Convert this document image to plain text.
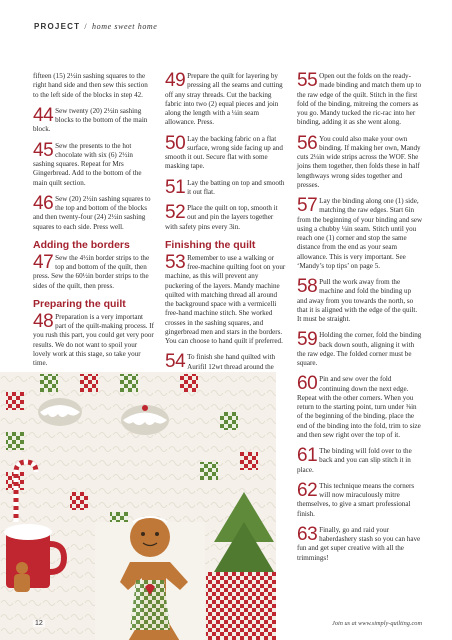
PROJECT / home sweet home

fifteen (15) 2½in sashing squares to the right hand side and then sew this section to the left side of the blocks in step 42.

44 Sew twenty (20) 2½in sashing blocks to the bottom of the main block.
45 Sew the presents to the hot chocolate with six (6) 2½in sashing squares. Repeat for Mrs Gingerbread. Add to the bottom of the main quilt section.
46 Sew (20) 2½in sashing squares to the top and bottom of the blocks and then twenty-four (24) 2½in sashing squares to each side. Press well.
Adding the borders
47 Sew the 4½in border strips to the top and bottom of the quilt, then press. Sew the 60½in border strips to the sides of the quilt, then press.
Preparing the quilt
48 Preparation is a very important part of the quilt-making process. If you rush this part, you could get very poor results. We do not want to spoil your lovely work at this stage, so take your time.
49 Prepare the quilt for layering by pressing all the seams and cutting off any stray threads. Cut the backing fabric into two (2) equal pieces and join along the length with a ¼in seam allowance. Press.
50 Lay the backing fabric on a flat surface, wrong side facing up and smooth it out. Secure flat with some masking tape.
51 Lay the batting on top and smooth it out flat.
52 Place the quilt on top, smooth it out and pin the layers together with safety pins every 3in.
Finishing the quilt
53 Remember to use a walking or free-machine quilting foot on your machine, as this will prevent any puckering of the layers. Mandy machine quilted with matching thread all around the background space with a vermicelli free-hand machine stitch. She worked crosses in the sashing squares, and gingerbread men and stars in the borders. You can choose to hand quilt if preferred.
54 To finish she hand quilted with Aurifil 12wt thread around the
55 Open out the folds on the ready-made binding and match them up to the raw edge of the quilt. Stitch in the first fold of the binding, mitreing the corners as you go. Mandy tucked the ric-rac into her binding, adding it as she went along.
56 You could also make your own binding. If making her own, Mandy cuts 2¼in wide strips across the WOF. She joins them together, then folds these in half lengthways wrong sides together and presses.
57 Lay the binding along one (1) side, matching the raw edges. Start 6in from the beginning of your binding and sew using a chubby ¼in seam. Stitch until you reach one (1) corner and stop the same distance from the end as your seam allowance. This is very important. See ‘Mandy’s top tips’ on page 5.
58 Pull the work away from the machine and fold the binding up and away from you towards the north, so that it is aligned with the edge of the quilt. It must be straight.
59 Holding the corner, fold the binding back down south, aligning it with the raw edge. The folded corner must be square.
60 Pin and sew over the fold continuing down the next edge. Repeat with the other corners. When you return to the starting point, turn under ⅜in of the beginning of the binding, place the end of the binding into the fold, trim to size and then sew right over the top of it.
61 The binding will fold over to the back and you can slip stitch it in place.
62 This technique means the corners will now miraculously mitre themselves, to give a smart professional finish.
63 Finally, go and raid your haberdashery stash so you can have fun and get super creative with all the trimmings!
12	Join us at www.simply-quilting.com
